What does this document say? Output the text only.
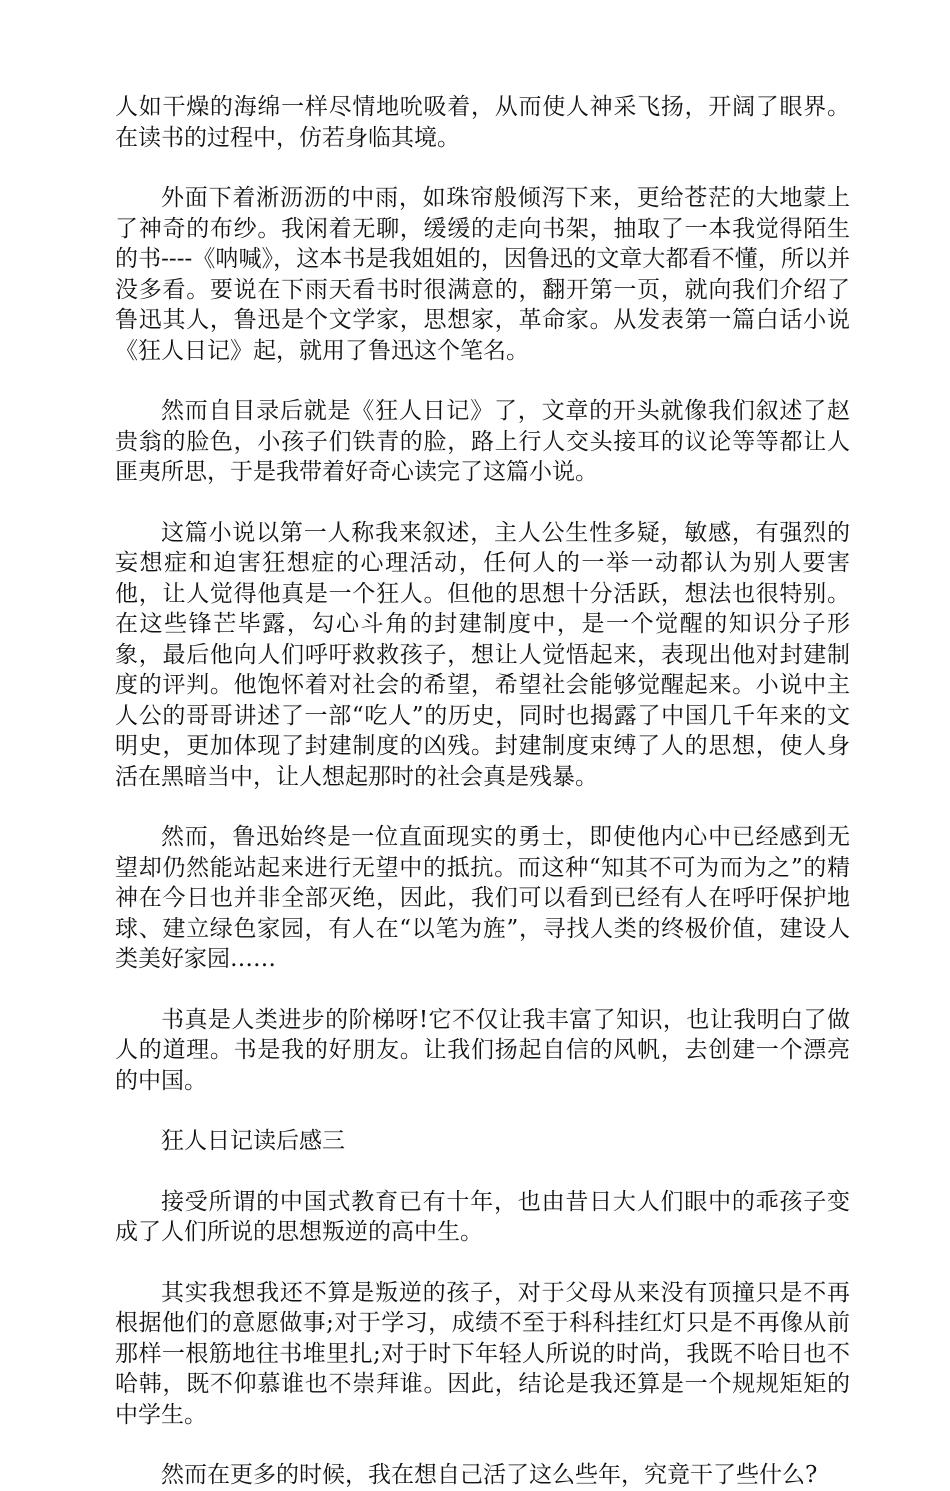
人如干燥的海绵一样尽情地吮吸着，从而使人神采飞扬，开阔了眼界。在读书的过程中，仿若身临其境。

外面下着淅沥沥的中雨，如珠帘般倾泻下来，更给苍茫的大地蒙上了神奇的布纱。我闲着无聊，缓缓的走向书架，抽取了一本我觉得陌生的书----《呐喊》，这本书是我姐姐的，因鲁迅的文章大都看不懂，所以并没多看。要说在下雨天看书时很满意的，翻开第一页，就向我们介绍了鲁迅其人，鲁迅是个文学家，思想家，革命家。从发表第一篇白话小说《狂人日记》起，就用了鲁迅这个笔名。

然而自目录后就是《狂人日记》了，文章的开头就像我们叙述了赵贵翁的脸色，小孩子们铁青的脸，路上行人交头接耳的议论等等都让人匪夷所思，于是我带着好奇心读完了这篇小说。

这篇小说以第一人称我来叙述，主人公生性多疑，敏感，有强烈的妄想症和迫害狂想症的心理活动，任何人的一举一动都认为别人要害他，让人觉得他真是一个狂人。但他的思想十分活跃，想法也很特别。在这些锋芒毕露，勾心斗角的封建制度中，是一个觉醒的知识分子形象，最后他向人们呼吁救救孩子，想让人觉悟起来，表现出他对封建制度的评判。他饱怀着对社会的希望，希望社会能够觉醒起来。小说中主人公的哥哥讲述了一部“吃人”的历史，同时也揭露了中国几千年来的文明史，更加体现了封建制度的凶残。封建制度束缚了人的思想，使人身活在黑暗当中，让人想起那时的社会真是残暴。

然而，鲁迅始终是一位直面现实的勇士，即使他内心中已经感到无望却仍然能站起来进行无望中的抵抗。而这种“知其不可为而为之”的精神在今日也并非全部灭绝，因此，我们可以看到已经有人在呼吁保护地球、建立绿色家园，有人在“以笔为旌”，寻找人类的终极价值，建设人类美好家园……

书真是人类进步的阶梯呀!它不仅让我丰富了知识，也让我明白了做人的道理。书是我的好朋友。让我们扬起自信的风帆，去创建一个漂亮的中国。

狂人日记读后感三

接受所谓的中国式教育已有十年，也由昔日大人们眼中的乖孩子变成了人们所说的思想叛逆的高中生。

其实我想我还不算是叛逆的孩子，对于父母从来没有顶撞只是不再根据他们的意愿做事;对于学习，成绩不至于科科挂红灯只是不再像从前那样一根筋地往书堆里扎;对于时下年轻人所说的时尚，我既不哈日也不哈韩，既不仰慕谁也不崇拜谁。因此，结论是我还算是一个规规矩矩的中学生。

然而在更多的时候，我在想自己活了这么些年，究竟干了些什么?
